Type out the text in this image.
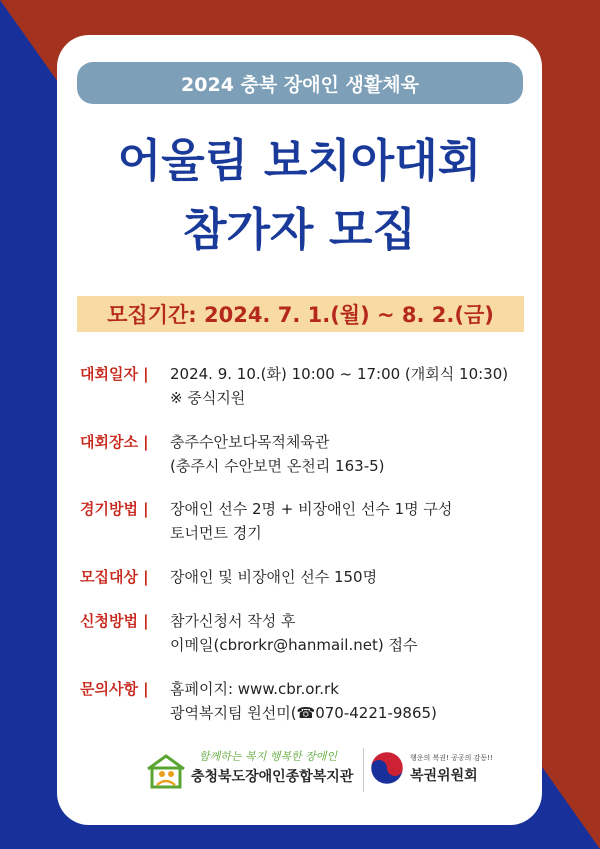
2024 충북 장애인 생활체육
어울림 보치아대회
참가자 모집
모집기간: 2024. 7. 1.(월) ~ 8. 2.(금)
대회일자 | 2024. 9. 10.(화) 10:00 ~ 17:00 (개회식 10:30)
※ 중식지원
대회장소 | 충주수안보다목적체육관
(충주시 수안보면 온천리 163-5)
경기방법 | 장애인 선수 2명 + 비장애인 선수 1명 구성
토너먼트 경기
모집대상 | 장애인 및 비장애인 선수 150명
신청방법 | 참가신청서 작성 후
이메일(cbrorkr@hanmail.net) 접수
문의사항 | 홈페이지: www.cbr.or.rk
광역복지팀 원선미(☎070-4221-9865)
함께하는 복지 행복한 장애인
충청북도장애인종합복지관
행운의 복권! 공공의 감동!!
복권위원회
